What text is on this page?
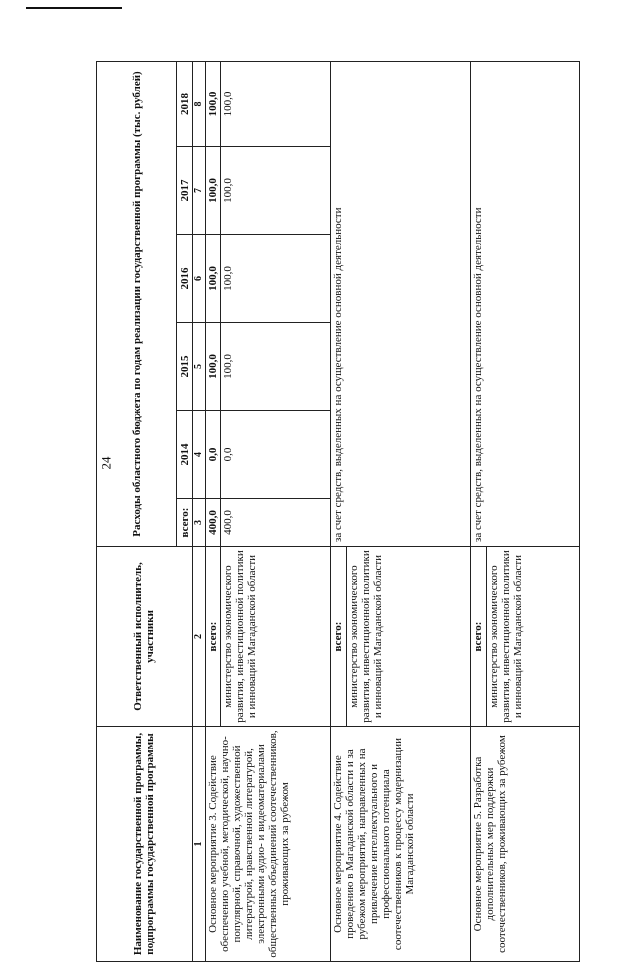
24
Наименование государственной программы, подпрограммы государственной программы	Ответственный исполнитель, участники	Расходы областного бюджета по годам реализации государственной программы (тыс. рублей)					
		всего:	2014	2015	2016	2017	2018
1	2	3	4	5	6	7	8
Основное мероприятие 3. Содействие обеспечению учебной, методической, научно-популярной, справочной, художественной литературой, нравственной литературой, электронными аудио- и видеоматериалами общественных объединений соотечественников, проживающих за рубежом	всего:	400,0	0,0	100,0	100,0	100,0	100,0
	министерство экономического развития, инвестиционной политики и инноваций Магаданской области	400,0	0,0	100,0	100,0	100,0	100,0
Основное мероприятие 4. Содействие проведению в Магаданской области и за рубежом мероприятий, направленных на привлечение интеллектуального и профессионального потенциала соотечественников к процессу модернизации Магаданской области	всего:	за счет средств, выделенных на осуществление основной деятельности					
	министерство экономического развития, инвестиционной политики и инноваций Магаданской области						
Основное мероприятие 5. Разработка дополнительных мер поддержки соотечественников, проживающих за рубежом	всего:	за счет средств, выделенных на осуществление основной деятельности					
	министерство экономического развития, инвестиционной политики и инноваций Магаданской области						
